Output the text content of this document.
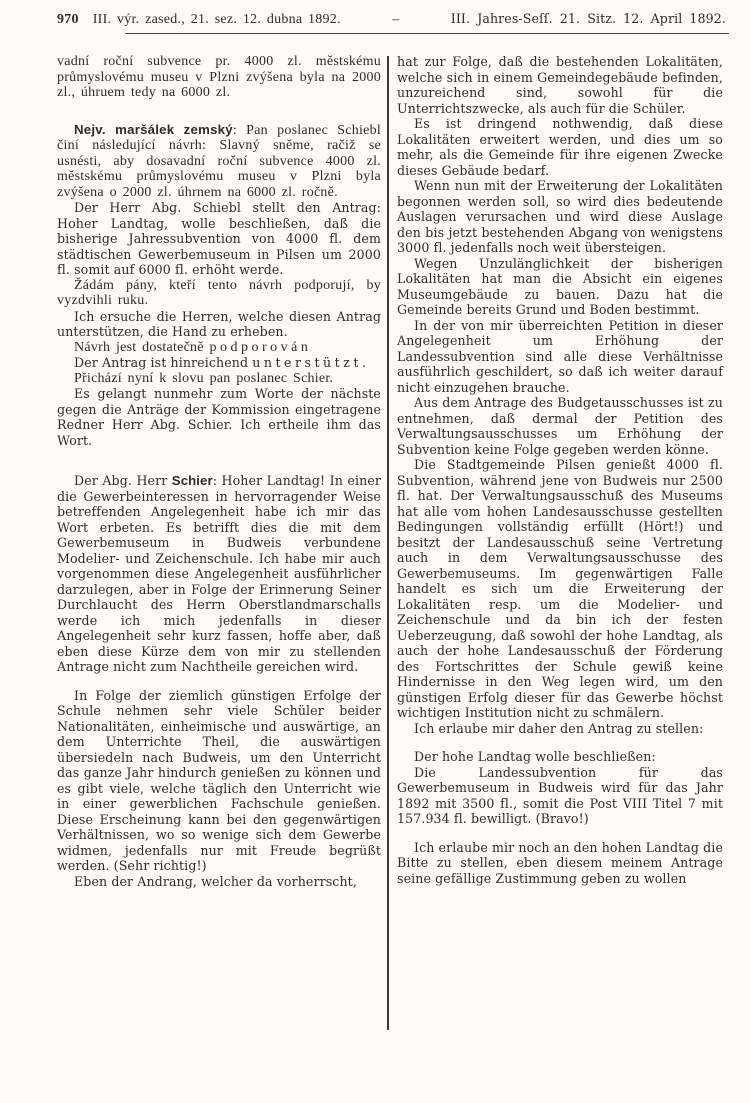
970 III. výr. zased., 21. sez. 12. dubna 1892.	–	III. Jahres-Seſſ. 21. Sitz. 12. April 1892.

vadní roční subvence pr. 4000 zl. městskému průmyslovému museu v Plzni zvýšena byla na 2000 zl., úhruem tedy na 6000 zl.

Nejv. maršálek zemský: Pan poslanec Schiebl činí následující návrh: Slavný sněme, račiž se usnésti, aby dosavadní roční subvence 4000 zl. městskému průmyslovému museu v Plzni byla zvýšena o 2000 zl. úhrnem na 6000 zl. ročně.

Der Herr Abg. Schiebl stellt den Antrag: Hoher Landtag, wolle beschließen, daß die bisherige Jahressubvention von 4000 fl. dem städtischen Gewerbemuseum in Pilsen um 2000 fl. somit auf 6000 fl. erhöht werde.

Žádám pány, kteří tento návrh podporují, by vyzdvihli ruku.

Ich ersuche die Herren, welche diesen Antrag unterstützen, die Hand zu erheben.

Návrh jest dostatečně podporován

Der Antrag ist hinreichend unterstützt.

Přichází nyní k slovu pan poslanec Schier.

Es gelangt nunmehr zum Worte der nächste gegen die Anträge der Kommission eingetragene Redner Herr Abg. Schier. Ich ertheile ihm das Wort.

Der Abg. Herr Schier: Hoher Landtag! In einer die Gewerbeinteressen in hervorragender Weise betreffenden Angelegenheit habe ich mir das Wort erbeten. Es betrifft dies die mit dem Gewerbemuseum in Budweis verbundene Modelier- und Zeichenschule. Ich habe mir auch vorgenommen diese Angelegenheit ausführlicher darzulegen, aber in Folge der Erinnerung Seiner Durchlaucht des Herrn Oberstlandmarschalls werde ich mich jedenfalls in dieser Angelegenheit sehr kurz fassen, hoffe aber, daß eben diese Kürze dem von mir zu stellenden Antrage nicht zum Nachtheile gereichen wird.

In Folge der ziemlich günstigen Erfolge der Schule nehmen sehr viele Schüler beider Nationalitäten, einheimische und auswärtige, an dem Unterrichte Theil, die auswärtigen übersiedeln nach Budweis, um den Unterricht das ganze Jahr hindurch genießen zu können und es gibt viele, welche täglich den Unterricht wie in einer gewerblichen Fachschule genießen. Diese Erscheinung kann bei den gegenwärtigen Verhältnissen, wo so wenige sich dem Gewerbe widmen, jedenfalls nur mit Freude begrüßt werden. (Sehr richtig!)

Eben der Andrang, welcher da vorherrscht,

hat zur Folge, daß die bestehenden Lokalitäten, welche sich in einem Gemeindegebäude befinden, unzureichend sind, sowohl für die Unterrichtszwecke, als auch für die Schüler.

Es ist dringend nothwendig, daß diese Lokalitäten erweitert werden, und dies um so mehr, als die Gemeinde für ihre eigenen Zwecke dieses Gebäude bedarf.

Wenn nun mit der Erweiterung der Lokalitäten begonnen werden soll, so wird dies bedeutende Auslagen verursachen und wird diese Auslage den bis jetzt bestehenden Abgang von wenigstens 3000 fl. jedenfalls noch weit übersteigen.

Wegen Unzulänglichkeit der bisherigen Lokalitäten hat man die Absicht ein eigenes Museumgebäude zu bauen. Dazu hat die Gemeinde bereits Grund und Boden bestimmt.

In der von mir überreichten Petition in dieser Angelegenheit um Erhöhung der Landessubvention sind alle diese Verhältnisse ausführlich geschildert, so daß ich weiter darauf nicht einzugehen brauche.

Aus dem Antrage des Budgetausschusses ist zu entnehmen, daß dermal der Petition des Verwaltungsausschusses um Erhöhung der Subvention keine Folge gegeben werden könne.

Die Stadtgemeinde Pilsen genießt 4000 fl. Subvention, während jene von Budweis nur 2500 fl. hat. Der Verwaltungsausschuß des Museums hat alle vom hohen Landesausschusse gestellten Bedingungen vollständig erfüllt (Hört!) und besitzt der Landesausschuß seine Vertretung auch in dem Verwaltungsausschusse des Gewerbemuseums. Im gegenwärtigen Falle handelt es sich um die Erweiterung der Lokalitäten resp. um die Modelier- und Zeichenschule und da bin ich der festen Ueberzeugung, daß sowohl der hohe Landtag, als auch der hohe Landesausschuß der Förderung des Fortschrittes der Schule gewiß keine Hindernisse in den Weg legen wird, um den günstigen Erfolg dieser für das Gewerbe höchst wichtigen Institution nicht zu schmälern.

Ich erlaube mir daher den Antrag zu stellen:

Der hohe Landtag wolle beschließen:

Die Landessubvention für das Gewerbemuseum in Budweis wird für das Jahr 1892 mit 3500 fl., somit die Post VIII Titel 7 mit 157.934 fl. bewilligt. (Bravo!)

Ich erlaube mir noch an den hohen Landtag die Bitte zu stellen, eben diesem meinem Antrage seine gefällige Zustimmung geben zu wollen
